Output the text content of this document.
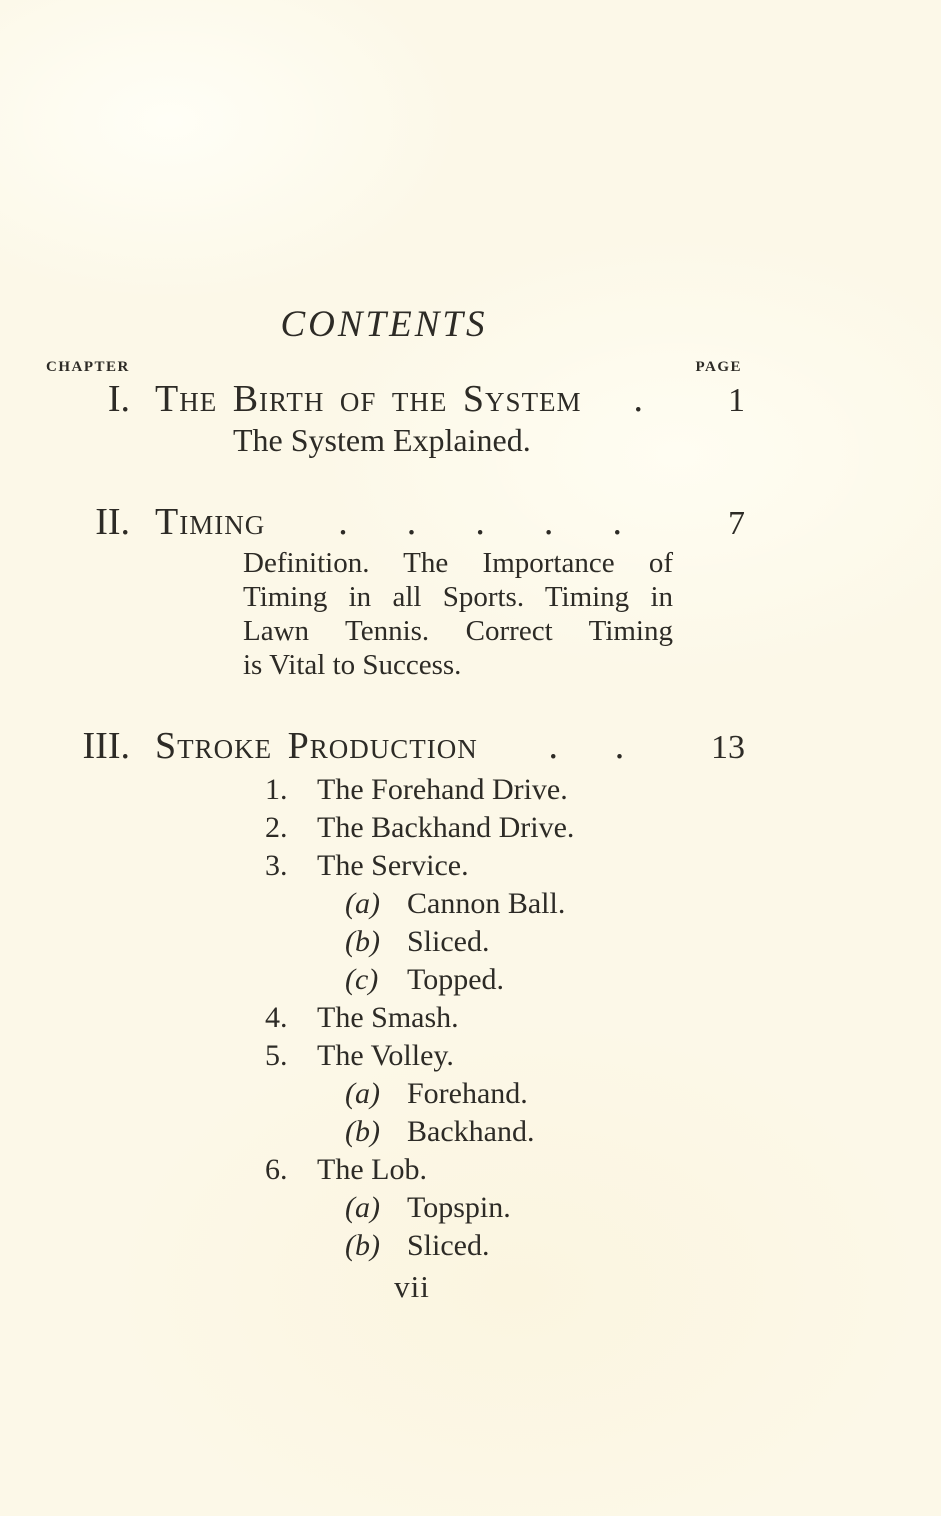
CONTENTS
CHAPTER	PAGE
I. The Birth of the System .	1
The System Explained.
II. Timing . . . . .	7
Definition. The Importance of
Timing in all Sports. Timing in
Lawn Tennis. Correct Timing
is Vital to Success.
III. Stroke Production . .	13
1. The Forehand Drive.
2. The Backhand Drive.
3. The Service.
(a) Cannon Ball.
(b) Sliced.
(c) Topped.
4. The Smash.
5. The Volley.
(a) Forehand.
(b) Backhand.
6. The Lob.
(a) Topspin.
(b) Sliced.
vii
